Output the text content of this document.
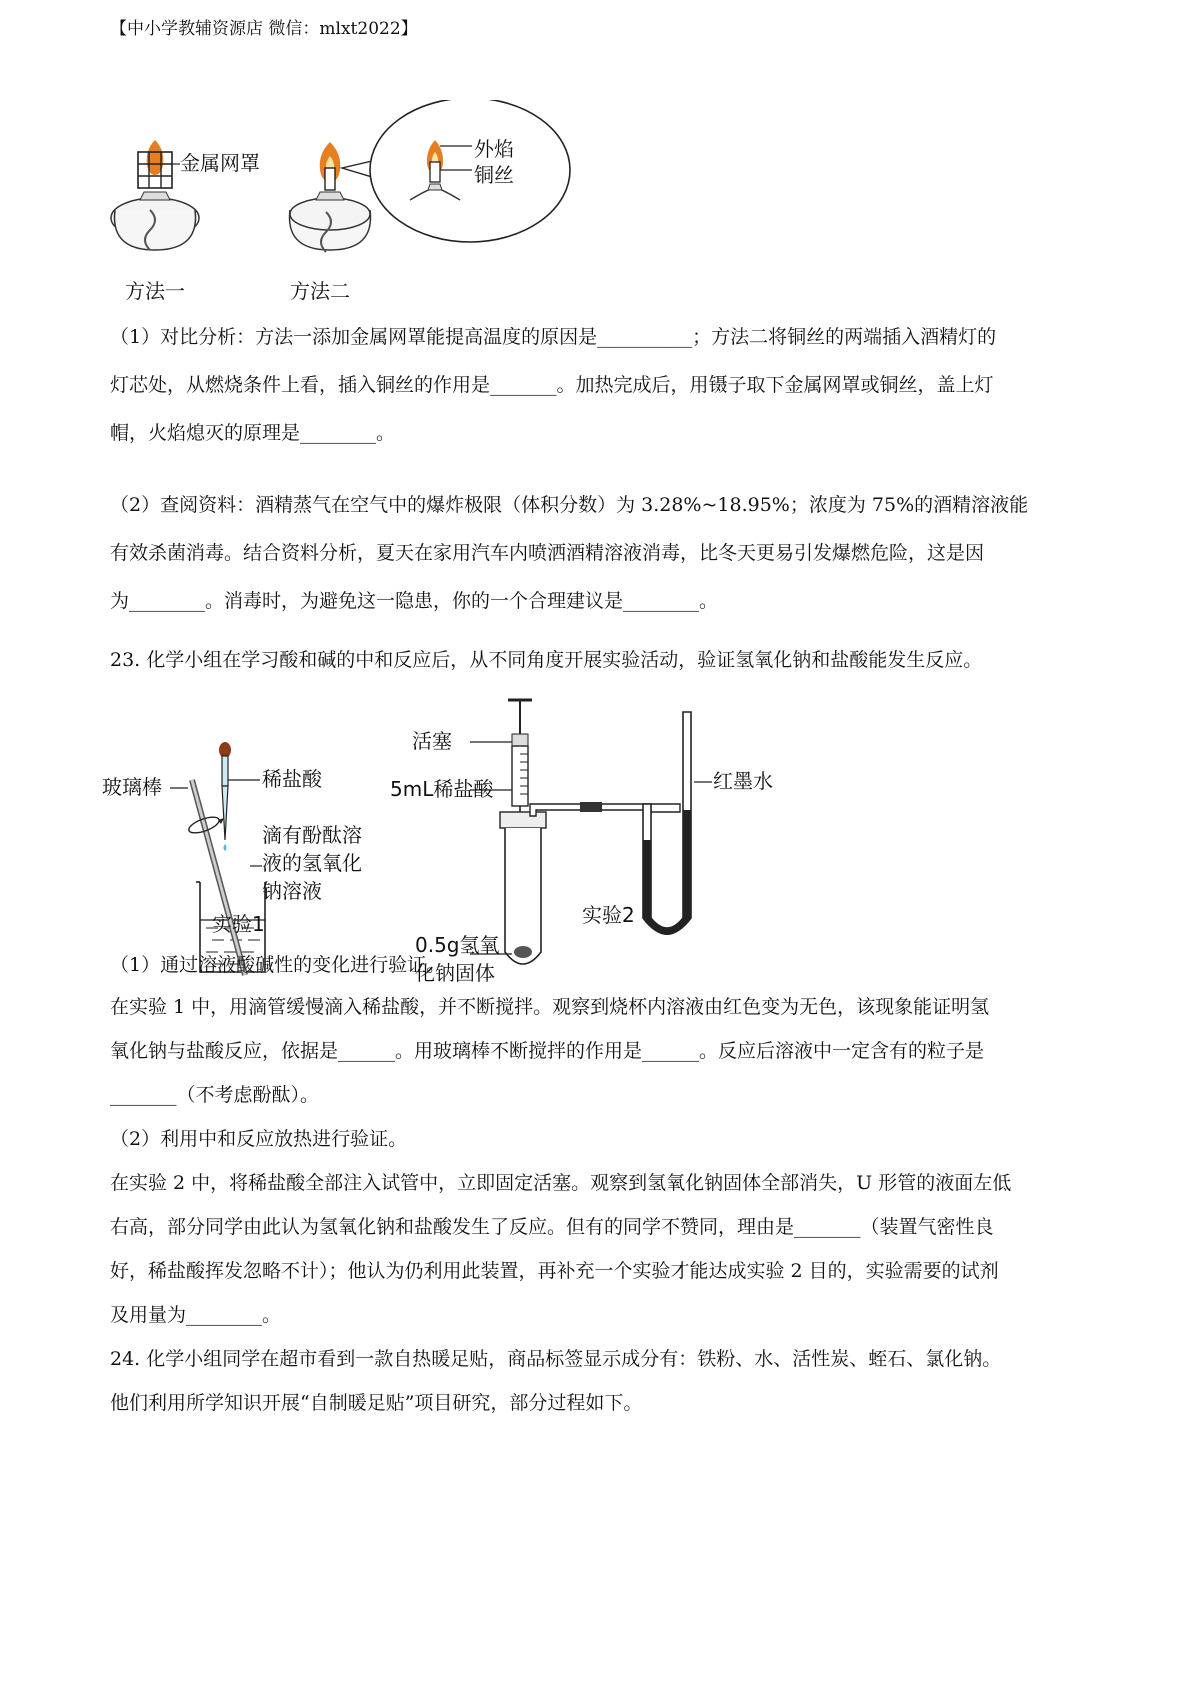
【中小学教辅资源店 微信：mlxt2022】
金属网罩
方法一	方法二
外焰
铜丝
（1）对比分析：方法一添加金属网罩能提高温度的原因是__________；方法二将铜丝的两端插入酒精灯的
灯芯处，从燃烧条件上看，插入铜丝的作用是_______。加热完成后，用镊子取下金属网罩或铜丝，盖上灯
帽，火焰熄灭的原理是________。
（2）查阅资料：酒精蒸气在空气中的爆炸极限（体积分数）为 3.28%~18.95%；浓度为 75%的酒精溶液能
有效杀菌消毒。结合资料分析，夏天在家用汽车内喷洒酒精溶液消毒，比冬天更易引发爆燃危险，这是因
为________。消毒时，为避免这一隐患，你的一个合理建议是________。
23. 化学小组在学习酸和碱的中和反应后，从不同角度开展实验活动，验证氢氧化钠和盐酸能发生反应。
玻璃棒	稀盐酸
滴有酚酞溶
液的氢氧化
钠溶液
活塞
5mL稀盐酸
0.5g氢氧
化钠固体
红墨水
实验2
实验1
（1）通过溶液酸碱性的变化进行验证。
在实验 1 中，用滴管缓慢滴入稀盐酸，并不断搅拌。观察到烧杯内溶液由红色变为无色，该现象能证明氢
氧化钠与盐酸反应，依据是______。用玻璃棒不断搅拌的作用是______。反应后溶液中一定含有的粒子是
_______（不考虑酚酞）。
（2）利用中和反应放热进行验证。
在实验 2 中，将稀盐酸全部注入试管中，立即固定活塞。观察到氢氧化钠固体全部消失，U 形管的液面左低
右高，部分同学由此认为氢氧化钠和盐酸发生了反应。但有的同学不赞同，理由是_______（装置气密性良
好，稀盐酸挥发忽略不计）；他认为仍利用此装置，再补充一个实验才能达成实验 2 目的，实验需要的试剂
及用量为________。
24. 化学小组同学在超市看到一款自热暖足贴，商品标签显示成分有：铁粉、水、活性炭、蛭石、氯化钠。
他们利用所学知识开展“自制暖足贴”项目研究，部分过程如下。
